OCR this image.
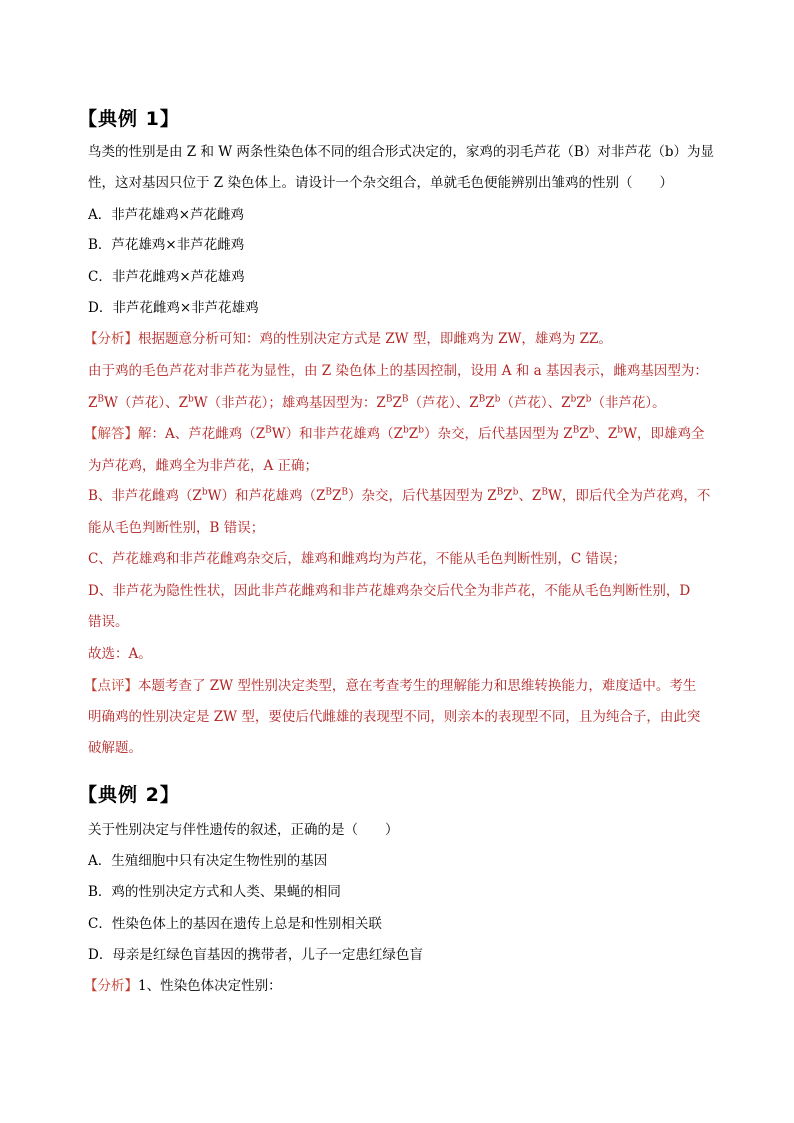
【典例 1】
鸟类的性别是由 Z 和 W 两条性染色体不同的组合形式决定的，家鸡的羽毛芦花（B）对非芦花（b）为显
性，这对基因只位于 Z 染色体上。请设计一个杂交组合，单就毛色便能辨别出雏鸡的性别（　　）
A．非芦花雄鸡×芦花雌鸡
B．芦花雄鸡×非芦花雌鸡
C．非芦花雌鸡×芦花雄鸡
D．非芦花雌鸡×非芦花雄鸡
【分析】根据题意分析可知：鸡的性别决定方式是 ZW 型，即雌鸡为 ZW，雄鸡为 ZZ。
由于鸡的毛色芦花对非芦花为显性，由 Z 染色体上的基因控制，设用 A 和 a 基因表示，雌鸡基因型为：
$Z^BW$（芦花）、$Z^bW$（非芦花）；雄鸡基因型为：$Z^BZ^B$（芦花）、$Z^BZ^b$（芦花）、$Z^bZ^b$（非芦花）。
【解答】解：A、芦花雌鸡$(Z^BW)$和非芦花雄鸡$(Z^bZ^b)$杂交，后代基因型为 $Z^BZ^b$、$Z^bW$，即雄鸡全
为芦花鸡，雌鸡全为非芦花，A 正确；
B、非芦花雌鸡$(Z^bW)$和芦花雄鸡$(Z^BZ^B)$杂交，后代基因型为 $Z^BZ^b$、$Z^BW$，即后代全为芦花鸡，不
能从毛色判断性别，B 错误；
C、芦花雄鸡和非芦花雌鸡杂交后，雄鸡和雌鸡均为芦花，不能从毛色判断性别，C 错误；
D、非芦花为隐性性状，因此非芦花雌鸡和非芦花雄鸡杂交后代全为非芦花，不能从毛色判断性别，D
错误。
故选：A。
【点评】本题考查了 ZW 型性别决定类型，意在考查考生的理解能力和思维转换能力，难度适中。考生
明确鸡的性别决定是 ZW 型，要使后代雌雄的表现型不同，则亲本的表现型不同，且为纯合子，由此突
破解题。
【典例 2】
关于性别决定与伴性遗传的叙述，正确的是（　　）
A．生殖细胞中只有决定生物性别的基因
B．鸡的性别决定方式和人类、果蝇的相同
C．性染色体上的基因在遗传上总是和性别相关联
D．母亲是红绿色盲基因的携带者，儿子一定患红绿色盲
【分析】1、性染色体决定性别：
